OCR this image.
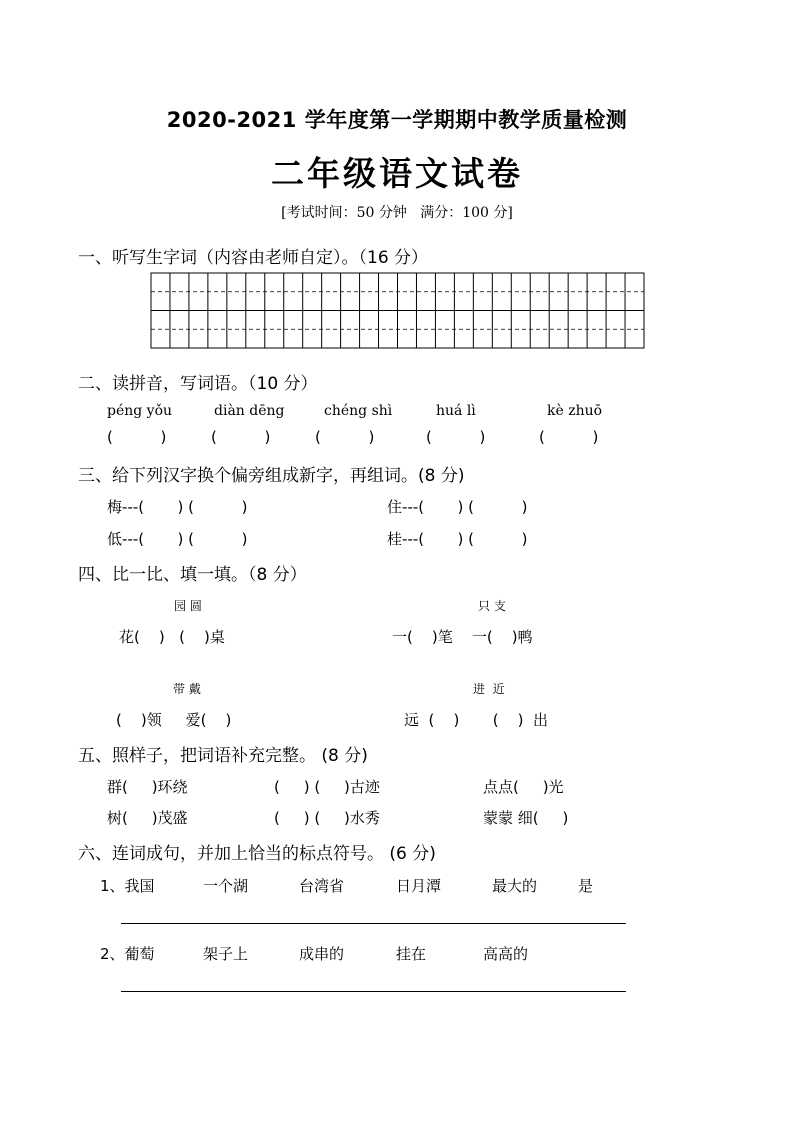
2020-2021 学年度第一学期期中教学质量检测
二年级语文试卷
[考试时间：50 分钟   满分：100 分]
一、听写生字词（内容由老师自定）。（16 分）
二、读拼音，写词语。（10 分）
péng yǒu	diàn dēng	chéng shì	huá lì	kè zhuō
(          )	(          )	(          )	(          )	(          )
三、给下列汉字换个偏旁组成新字，再组词。(8 分)
梅---(       ) (          )	住---(       ) (          )
低---(       ) (          )	桂---(       ) (          )
四、比一比、填一填。（8 分）
园 圆	只 支
花(    )   (    )桌	一(    )笔    一(    )鸭
带 戴	进  近
(    )领     爱(    )	远  (    )       (    )  出
五、照样子，把词语补充完整。 (8 分)
群(     )环绕	(     ) (     )古迹	点点(     )光
树(     )茂盛	(     ) (     )水秀	蒙蒙 细(     )
六、连词成句，并加上恰当的标点符号。 (6 分)
1、我国	一个湖	台湾省	日月潭	最大的	是
2、葡萄	架子上	成串的	挂在	高高的
